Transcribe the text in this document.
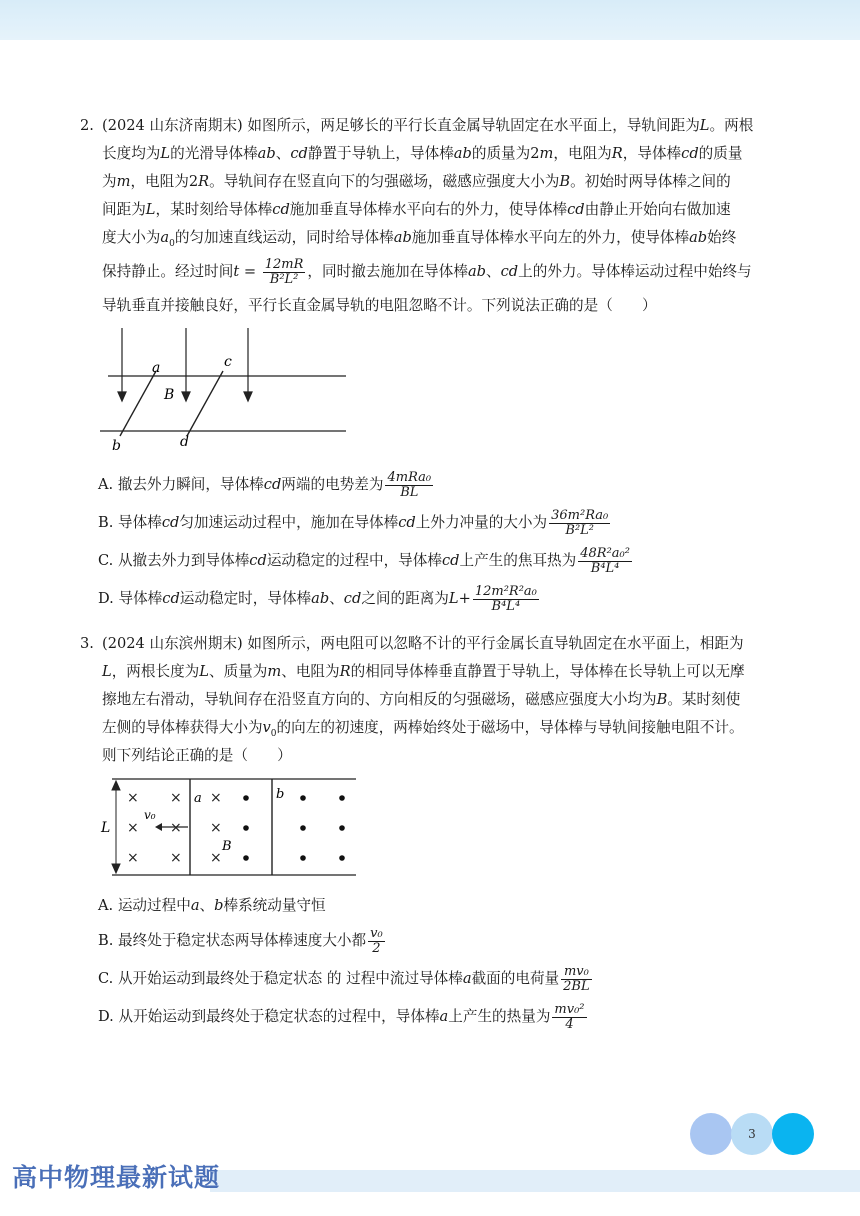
2. (2024 山东济南期末) 如图所示，两足够长的平行长直金属导轨固定在水平面上，导轨间距为L。两根
长度均为L的光滑导体棒ab、cd静置于导轨上，导体棒ab的质量为2m，电阻为R，导体棒cd的质量
为m，电阻为2R。导轨间存在竖直向下的匀强磁场，磁感应强度大小为B。初始时两导体棒之间的
间距为L，某时刻给导体棒cd施加垂直导体棒水平向右的外力，使导体棒cd由静止开始向右做加速
度大小为$a_0$的匀加速直线运动，同时给导体棒ab施加垂直导体棒水平向左的外力，使导体棒ab始终
保持静止。经过时间$t = \frac{12mR}{\text{B²L²}}$ ，同时撤去施加在导体棒ab、cd上的外力。导体棒运动过程中始终与
导轨垂直并接触良好，平行长直金属导轨的电阻忽略不计。下列说法正确的是（　　）
a	c
B
b	d
A.
撤去外力瞬间，导体棒 cd 两端的电势差为 $\frac{\text{4mRa₀}}{BL}$
B.
导体棒 cd 匀加速运动过程中，施加在导体棒 cd 上外力冲量的大小为 $\frac{\text{36m²Ra₀}}{\text{B²L²}}$
C.
从撤去外力到导体棒 cd 运动稳定的过程中，导体棒 cd 上产生的焦耳热为 $\frac{\text{48R²a₀²}}{\text{B⁴L⁴}}$
D.
导体棒 cd 运动稳定时，导体棒 ab 、 cd 之间的距离为 $L + \frac{\text{12m²R²a₀}}{\text{B⁴L⁴}}$
3. (2024 山东滨州期末) 如图所示，两电阻可以忽略不计的平行金属长直导轨固定在水平面上，相距为
L，两根长度为L、质量为m、电阻为R的相同导体棒垂直静置于导轨上，导体棒在长导轨上可以无摩
擦地左右滑动，导轨间存在沿竖直方向的、方向相反的匀强磁场，磁感应强度大小均为B。某时刻使
左侧的导体棒获得大小为$v_0$的向左的初速度，两棒始终处于磁场中，导体棒与导轨间接触电阻不计。
则下列结论正确的是（　　）
× ×
× ×
× ×
×
×
×
L
v₀
a	b
B
A. 运动过程中a、b棒系统动量守恒
B.
最终处于稳定状态两导体棒速度大小都 $\frac{\text{v₀}}{2}$
C.
从开始运动到最终处于稳定状态 的 过程中流过导体棒 a 截面的电荷量 $\frac{\text{mv₀}}{2BL}$
D.
从开始运动到最终处于稳定状态的过程中，导体棒 a 上产生的热量为 $\frac{\text{mv₀²}}{4}$
3
高中物理最新试题
